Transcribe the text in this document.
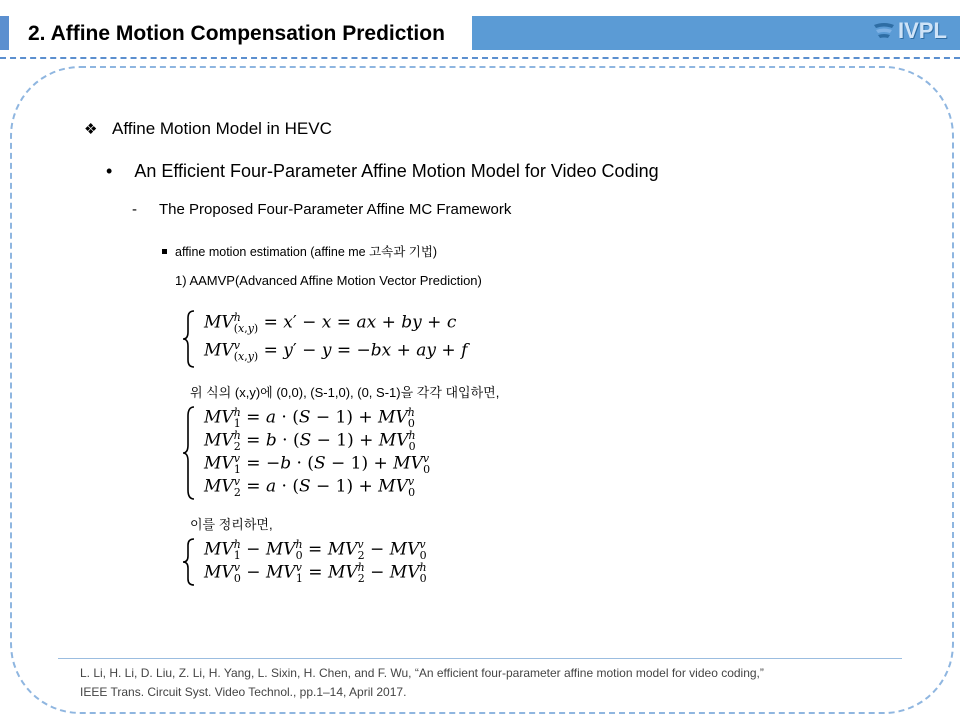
2. Affine Motion Compensation Prediction	IVPL
❖ Affine Motion Model in HEVC
• An Efficient Four-Parameter Affine Motion Model for Video Coding
- The Proposed Four-Parameter Affine MC Framework
affine motion estimation (affine me 고속과 기법)
1) AAMVP(Advanced Affine Motion Vector Prediction)
MVh
(x,y) = x′ − x = ax + by + c
MVv
(x,y) = y′ − y = −bx + ay + f
위 식의 (x,y)에 (0,0), (S-1,0), (0, S-1)을 각각 대입하면,
$MV^h_1 = a \cdot (S - 1) + MV^h_0$
$MV^h_2 = b \cdot (S - 1) + MV^h_0$
$MV^v_1 = -b \cdot (S - 1) + MV^v_0$
$MV^v_2 = a \cdot (S - 1) + MV^v_0$
이를 정리하면,
$MV^h_1 - MV^h_0 = MV^v_2 - MV^v_0$
$MV^v_0 - MV^v_1 = MV^h_2 - MV^h_0$
L. Li, H. Li, D. Liu, Z. Li, H. Yang, L. Sixin, H. Chen, and F. Wu, “An efficient four-parameter affine motion model for video coding,”
IEEE Trans. Circuit Syst. Video Technol., pp.1–14, April 2017.
